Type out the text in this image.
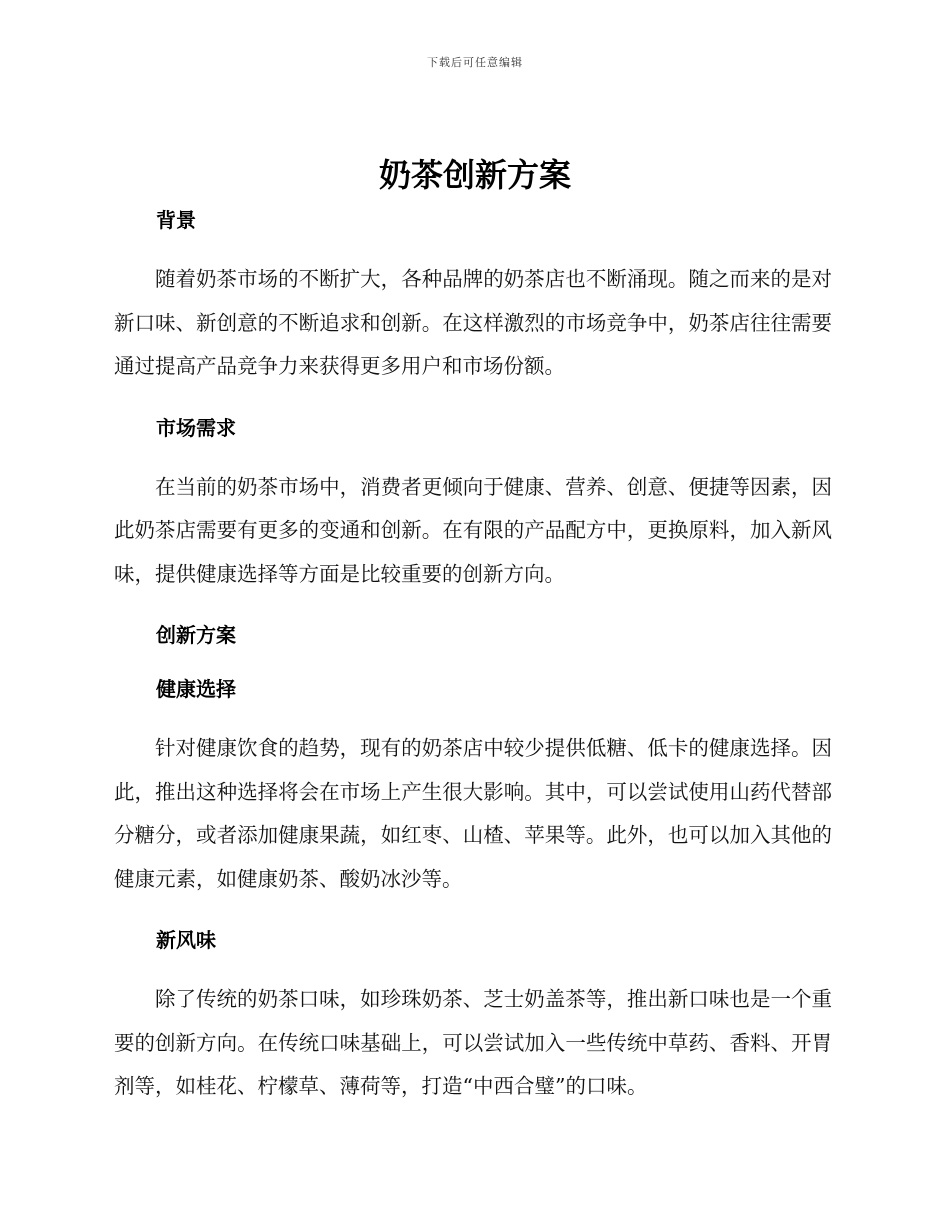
下载后可任意编辑
奶茶创新方案
背景

随着奶茶市场的不断扩大，各种品牌的奶茶店也不断涌现。随之而来的是对新口味、新创意的不断追求和创新。在这样激烈的市场竞争中，奶茶店往往需要通过提高产品竞争力来获得更多用户和市场份额。

市场需求

在当前的奶茶市场中，消费者更倾向于健康、营养、创意、便捷等因素，因此奶茶店需要有更多的变通和创新。在有限的产品配方中，更换原料，加入新风味，提供健康选择等方面是比较重要的创新方向。

创新方案
健康选择

针对健康饮食的趋势，现有的奶茶店中较少提供低糖、低卡的健康选择。因此，推出这种选择将会在市场上产生很大影响。其中，可以尝试使用山药代替部分糖分，或者添加健康果蔬，如红枣、山楂、苹果等。此外，也可以加入其他的健康元素，如健康奶茶、酸奶冰沙等。

新风味

除了传统的奶茶口味，如珍珠奶茶、芝士奶盖茶等，推出新口味也是一个重要的创新方向。在传统口味基础上，可以尝试加入一些传统中草药、香料、开胃剂等，如桂花、柠檬草、薄荷等，打造“中西合璧”的口味。
